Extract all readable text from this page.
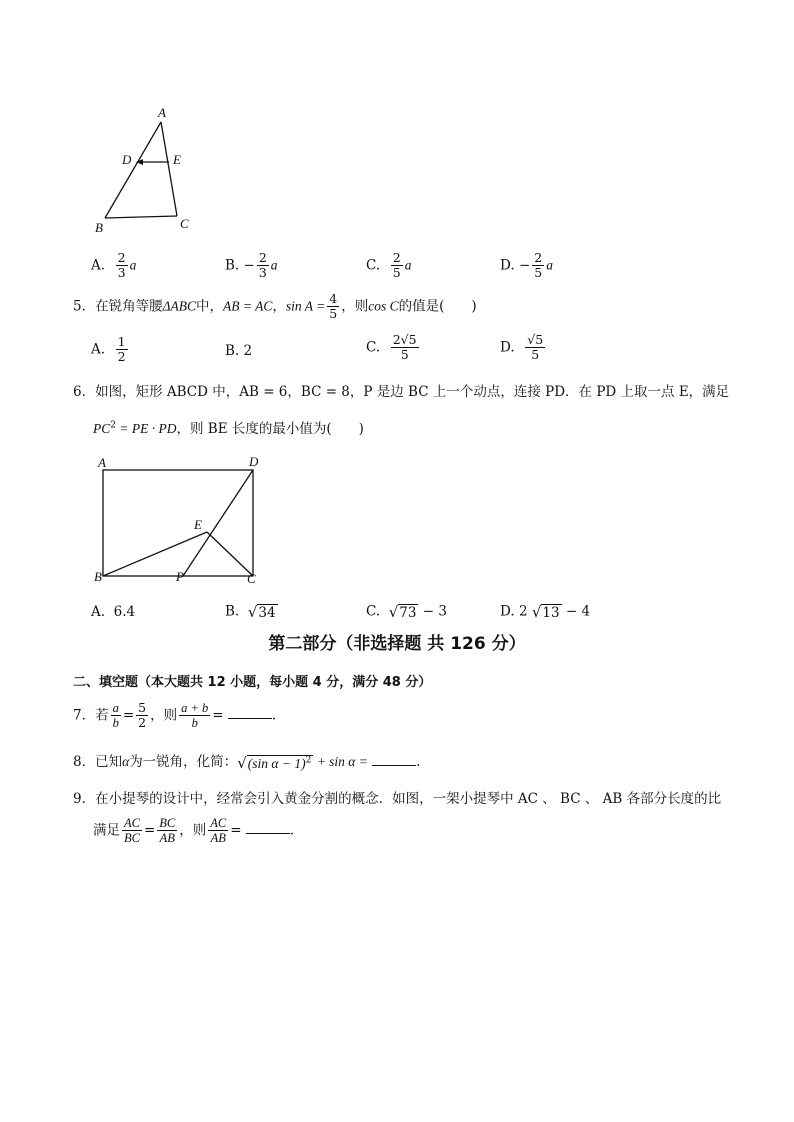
A
D	E
B	C
A. $\frac{2}{3}$ a	B. − $\frac{2}{3}$ a	C. $\frac{2}{5}$ a	D. − $\frac{2}{5}$ a
5．在锐角等腰ΔABC中，AB = AC，$\sin A = \frac{4}{5}$ ，则cos C的值是(　　)
A. $\frac{1}{2}$	B. 2	C. $\frac{2√5}{5}$	D. $\frac{√5}{5}$
6．如图，矩形 ABCD 中，AB = 6，BC = 8，P 是边 BC 上一个动点，连接 PD．在 PD 上取一点 E，满足
$PC^2$ = PE · PD，则 BE 长度的最小值为(　　)
A	D
E
B	P	C
A. 6.4	B. √34	C. √73 − 3	D. 2 √13 − 4
第二部分（非选择题 共 126 分）
二、填空题（本大题共 12 小题，每小题 4 分，满分 48 分）
7．若 $\frac{a}{b} = \frac{5}{2}$ ，则 $\frac{a + b}{b}$ =	.
8．已知α为一锐角，化简：√(sin α − 1)$^2$ + sin α =	.
9．在小提琴的设计中，经常会引入黄金分割的概念．如图，一架小提琴中 AC 、 BC 、 AB 各部分长度的比
满足 $\frac{AC}{BC} = \frac{BC}{AB}$ ，则 $\frac{AC}{AB}$ =	.
